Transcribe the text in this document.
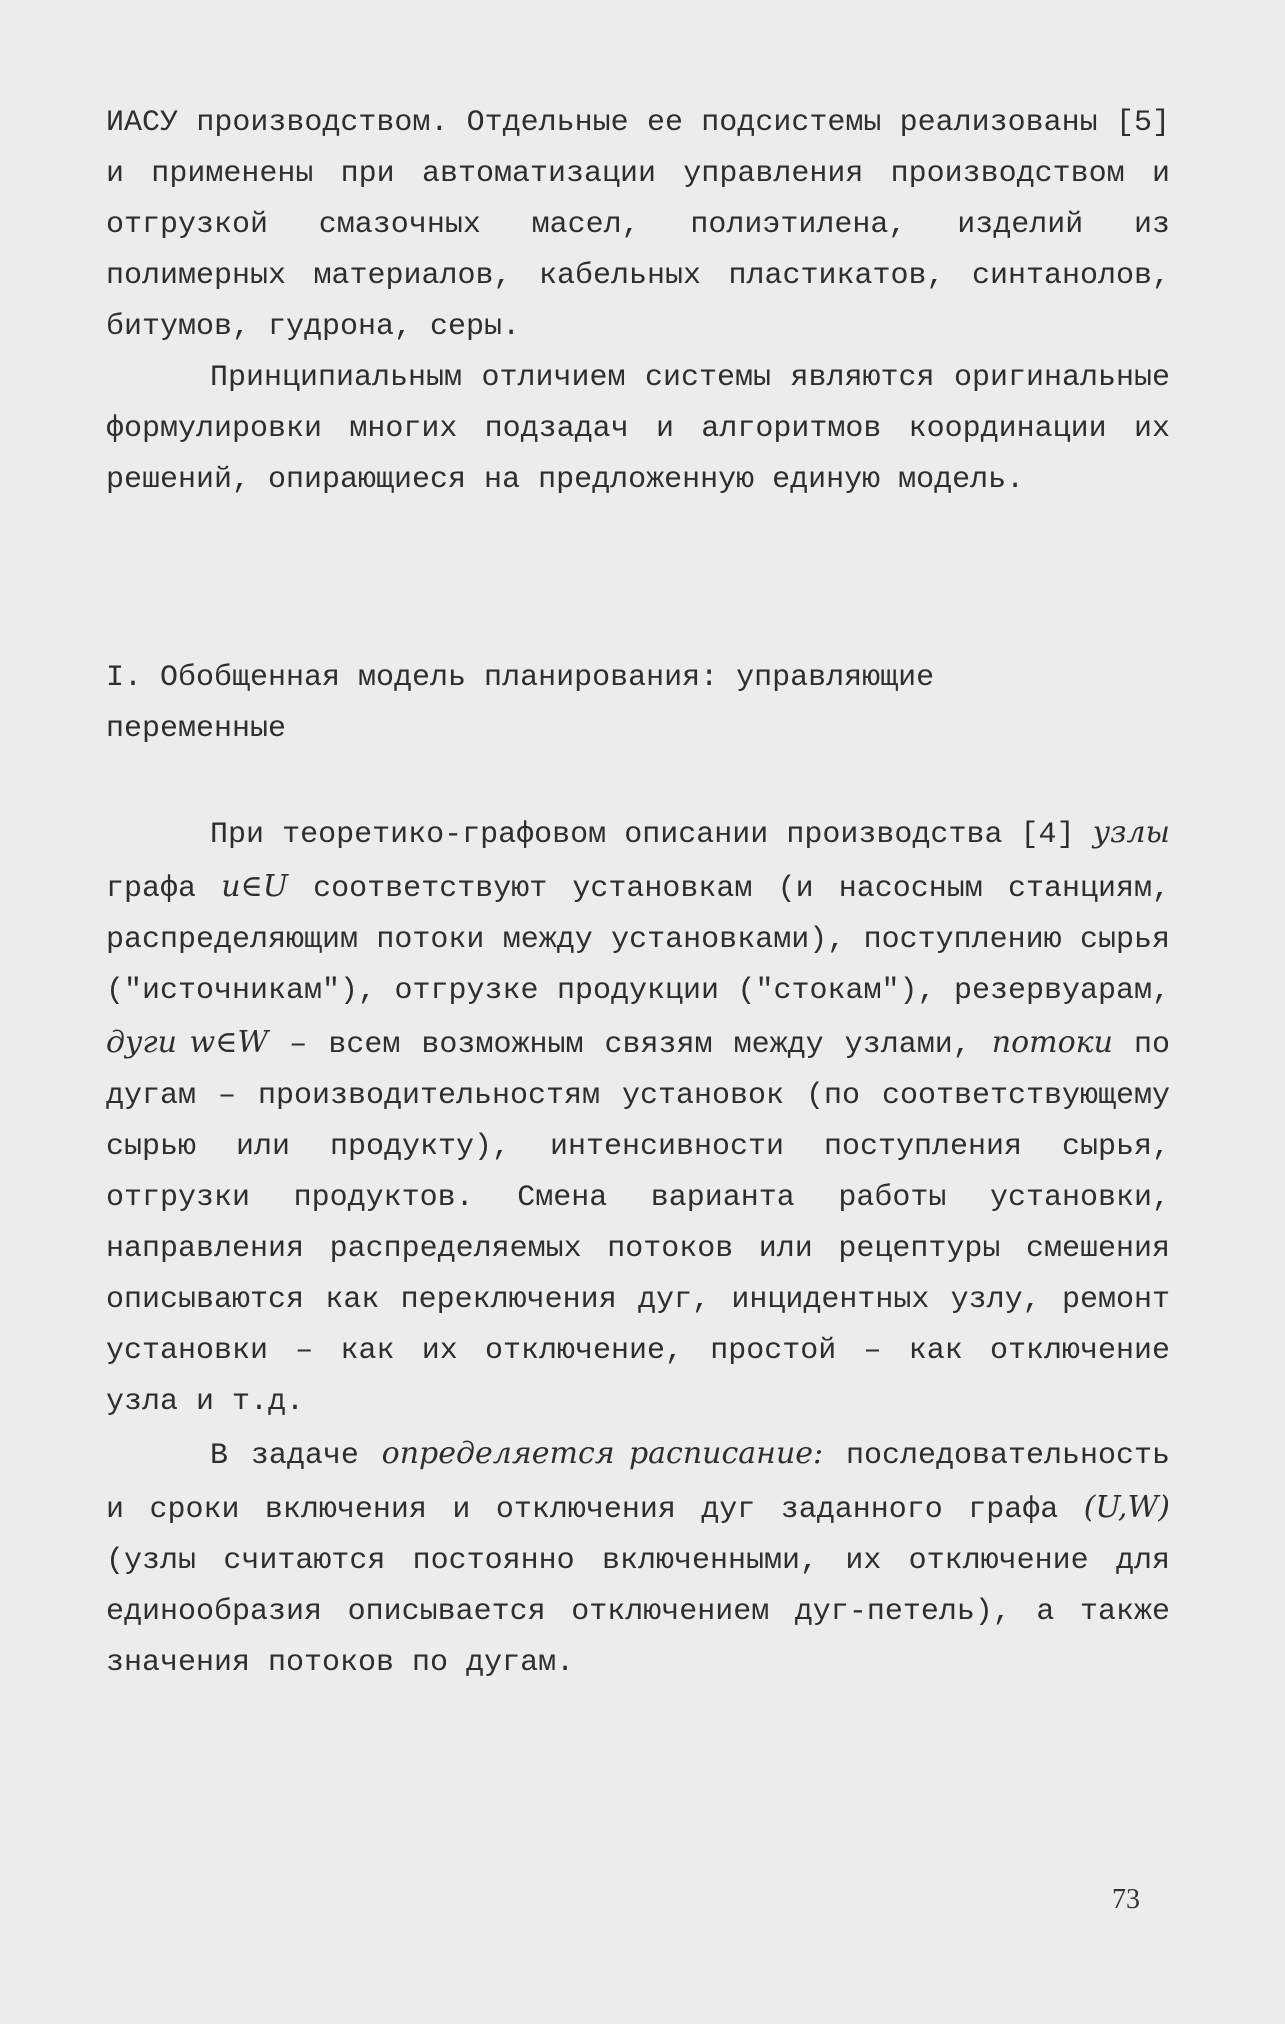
ИАСУ производством. Отдельные ее подсистемы реализованы [5] и применены при автоматизации управления производством и отгрузкой смазочных масел, полиэтилена, изделий из полимерных материалов, кабельных пластикатов, синтанолов, битумов, гудрона, серы.

Принципиальным отличием системы являются оригинальные формулировки многих подзадач и алгоритмов координации их решений, опирающиеся на предложенную единую модель.

I. Обобщенная модель планирования: управляющие переменные

При теоретико-графовом описании производства [4] узлы графа u∈U соответствуют установкам (и насосным станциям, распределяющим потоки между установками), поступлению сырья ("источникам"), отгрузке продукции ("стокам"), резервуарам, дуги w∈W – всем возможным связям между узлами, потоки по дугам – производительностям установок (по соответствующему сырью или продукту), интенсивности поступления сырья, отгрузки продуктов. Смена варианта работы установки, направления распределяемых потоков или рецептуры смешения описываются как переключения дуг, инцидентных узлу, ремонт установки – как их отключение, простой – как отключение узла и т.д.

В задаче определяется расписание: последовательность и сроки включения и отключения дуг заданного графа (U,W) (узлы считаются постоянно включенными, их отключение для единообразия описывается отключением дуг-петель), а также значения потоков по дугам.

73
